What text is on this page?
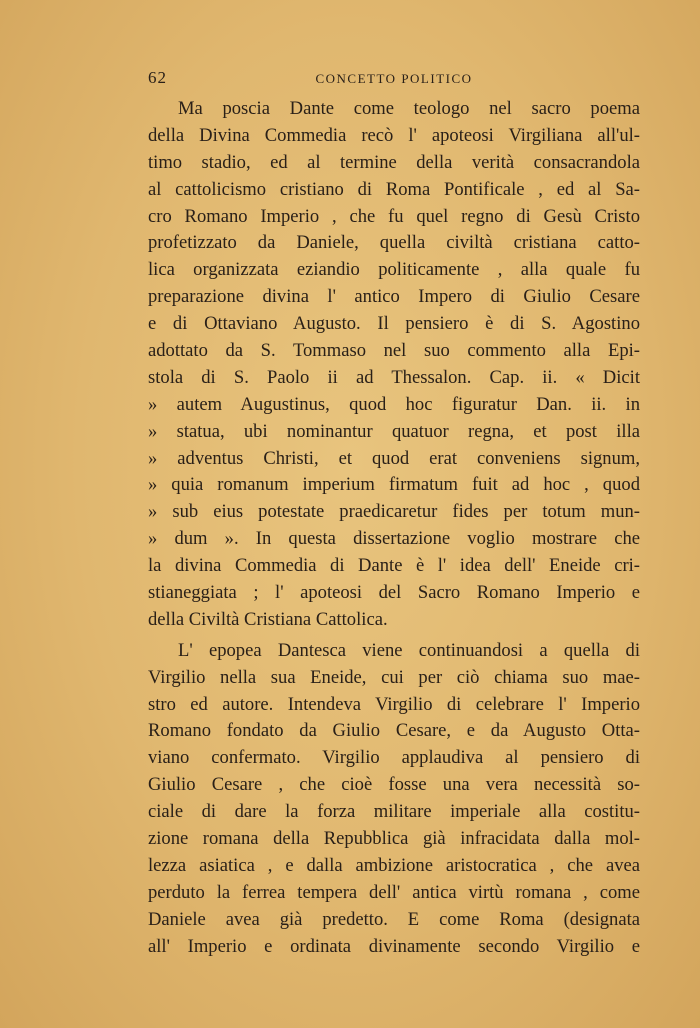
62	CONCETTO POLITICO
Ma poscia Dante come teologo nel sacro poema
della Divina Commedia recò l' apoteosi Virgiliana all'ul-
timo stadio, ed al termine della verità consacrandola
al cattolicismo cristiano di Roma Pontificale , ed al Sa-
cro Romano Imperio , che fu quel regno di Gesù Cristo
profetizzato da Daniele, quella civiltà cristiana catto-
lica organizzata eziandio politicamente , alla quale fu
preparazione divina l' antico Impero di Giulio Cesare
e di Ottaviano Augusto. Il pensiero è di S. Agostino
adottato da S. Tommaso nel suo commento alla Epi-
stola di S. Paolo ii ad Thessalon. Cap. ii. « Dicit
» autem Augustinus, quod hoc figuratur Dan. ii. in
» statua, ubi nominantur quatuor regna, et post illa
» adventus Christi, et quod erat conveniens signum,
» quia romanum imperium firmatum fuit ad hoc , quod
» sub eius potestate praedicaretur fides per totum mun-
» dum ». In questa dissertazione voglio mostrare che
la divina Commedia di Dante è l' idea dell' Eneide cri-
stianeggiata ; l' apoteosi del Sacro Romano Imperio e
della Civiltà Cristiana Cattolica.
L' epopea Dantesca viene continuandosi a quella di
Virgilio nella sua Eneide, cui per ciò chiama suo mae-
stro ed autore. Intendeva Virgilio di celebrare l' Imperio
Romano fondato da Giulio Cesare, e da Augusto Otta-
viano confermato. Virgilio applaudiva al pensiero di
Giulio Cesare , che cioè fosse una vera necessità so-
ciale di dare la forza militare imperiale alla costitu-
zione romana della Repubblica già infracidata dalla mol-
lezza asiatica , e dalla ambizione aristocratica , che avea
perduto la ferrea tempera dell' antica virtù romana , come
Daniele avea già predetto. E come Roma (designata
all' Imperio e ordinata divinamente secondo Virgilio e
